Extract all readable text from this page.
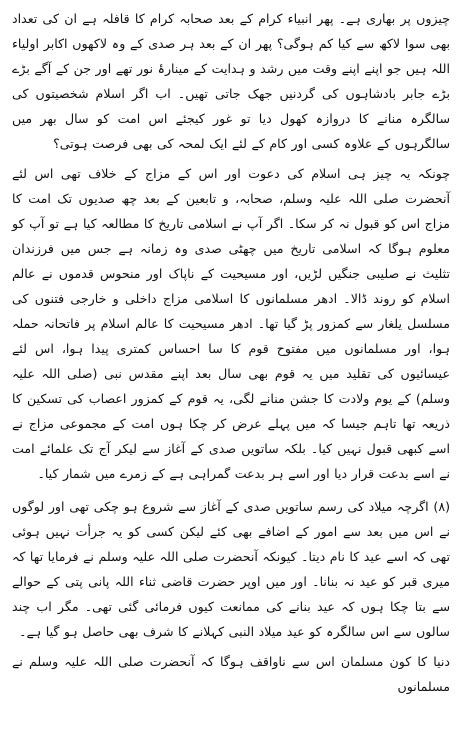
چیزوں پر بھاری ہے۔ پھر انبیاء کرام کے بعد صحابہ کرام کا قافلہ ہے ان کی تعداد بھی سوا لاکھ سے کیا کم ہوگی؟ پھر ان کے بعد ہر صدی کے وہ لاکھوں اکابر اولیاء اللہ ہیں جو اپنے اپنے وقت میں رشد و ہدایت کے مینارۂ نور تھے اور جن کے آگے بڑے بڑے جابر بادشاہوں کی گردنیں جھک جاتی تھیں۔ اب اگر اسلام شخصیتوں کی سالگرہ منانے کا دروازہ کھول دیا تو غور کیجئے اس امت کو سال بھر میں سالگرہوں کے علاوہ کسی اور کام کے لئے ایک لمحہ کی بھی فرصت ہوتی؟

چونکہ یہ چیز ہی اسلام کی دعوت اور اس کے مزاج کے خلاف تھی اس لئے آنحضرت صلی اللہ علیہ وسلم، صحابہ، و تابعین کے بعد چھ صدیوں تک امت کا مزاج اس کو قبول نہ کر سکا۔ اگر آپ نے اسلامی تاریخ کا مطالعہ کیا ہے تو آپ کو معلوم ہوگا کہ اسلامی تاریخ میں چھٹی صدی وہ زمانہ ہے جس میں فرزندان تثلیث نے صلیبی جنگیں لڑیں، اور مسیحیت کے ناپاک اور منحوس قدموں نے عالم اسلام کو روند ڈالا۔ ادھر مسلمانوں کا اسلامی مزاج داخلی و خارجی فتنوں کی مسلسل یلغار سے کمزور پڑ گیا تھا۔ ادھر مسیحیت کا عالم اسلام پر فاتحانہ حملہ ہوا، اور مسلمانوں میں مفتوح قوم کا سا احساس کمتری پیدا ہوا، اس لئے عیسائیوں کی تقلید میں یہ قوم بھی سال بعد اپنے مقدس نبی (صلی اللہ علیہ وسلم) کے یوم ولادت کا جشن منانے لگی، یہ قوم کے کمزور اعصاب کی تسکین کا ذریعہ تھا تاہم جیسا کہ میں پہلے عرض کر چکا ہوں امت کے مجموعی مزاج نے اسے کبھی قبول نہیں کیا۔ بلکہ ساتویں صدی کے آغاز سے لیکر آج تک علمائے امت نے اسے بدعت قرار دیا اور اسے ہر بدعت گمراہی ہے کے زمرے میں شمار کیا۔

(۸) اگرچہ میلاد کی رسم ساتویں صدی کے آغاز سے شروع ہو چکی تھی اور لوگوں نے اس میں بعد سے امور کے اضافے بھی کئے لیکن کسی کو یہ جرأت نہیں ہوئی تھی کہ اسے عید کا نام دیتا۔ کیونکہ آنحضرت صلی اللہ علیہ وسلم نے فرمایا تھا کہ میری قبر کو عید نہ بنانا۔ اور میں اوپر حضرت قاضی ثناء اللہ پانی پتی کے حوالے سے بتا چکا ہوں کہ عید بنانے کی ممانعت کیوں فرمائی گئی تھی۔ مگر اب چند سالوں سے اس سالگرہ کو عید میلاد النبی کہلانے کا شرف بھی حاصل ہو گیا ہے۔

دنیا کا کون مسلمان اس سے ناواقف ہوگا کہ آنحضرت صلی اللہ علیہ وسلم نے مسلمانوں
